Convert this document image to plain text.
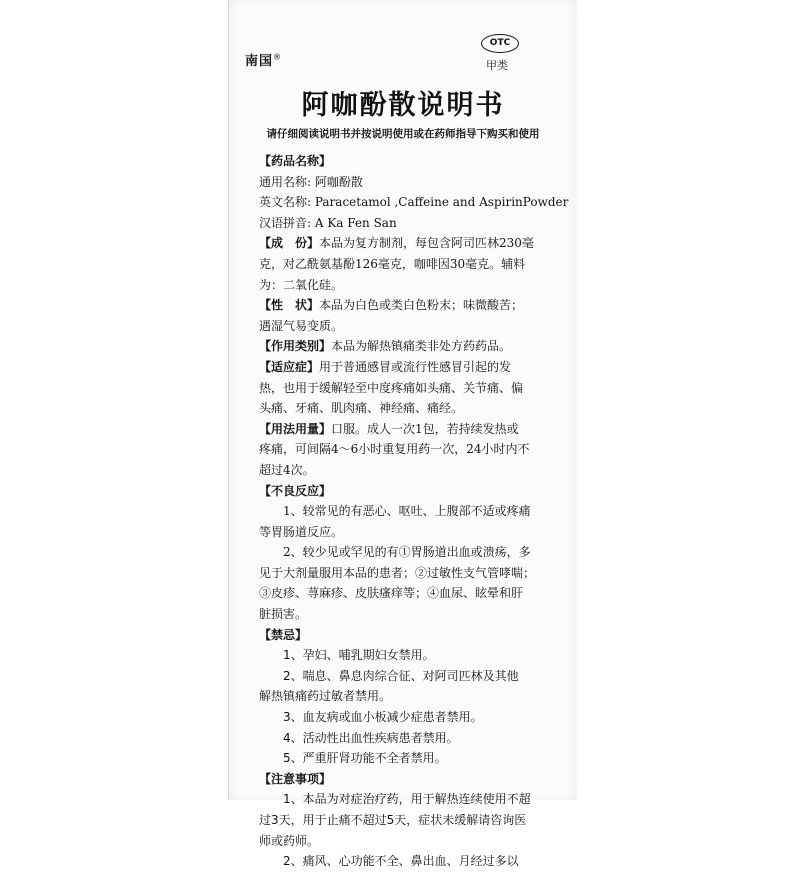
南国®
OTC
甲类
阿咖酚散说明书
请仔细阅读说明书并按说明使用或在药师指导下购买和使用
【药品名称】
通用名称: 阿咖酚散
英文名称: Paracetamol ,Caffeine and AspirinPowder
汉语拼音: A Ka Fen San
【成　份】本品为复方制剂，每包含阿司匹林230毫
克，对乙酰氨基酚126毫克，咖啡因30毫克。辅料
为：二氧化硅。
【性　状】本品为白色或类白色粉末；味微酸苦；
遇湿气易变质。
【作用类别】本品为解热镇痛类非处方药药品。
【适应症】用于普通感冒或流行性感冒引起的发
热，也用于缓解轻至中度疼痛如头痛、关节痛、偏
头痛、牙痛、肌肉痛、神经痛、痛经。
【用法用量】口服。成人一次1包，若持续发热或
疼痛，可间隔4～6小时重复用药一次，24小时内不
超过4次。
【不良反应】
1、较常见的有恶心、呕吐、上腹部不适或疼痛
等胃肠道反应。
2、较少见或罕见的有①胃肠道出血或溃疡，多
见于大剂量服用本品的患者；②过敏性支气管哮喘；
③皮疹、荨麻疹、皮肤瘙痒等；④血尿、眩晕和肝
脏损害。
【禁忌】
1、孕妇、哺乳期妇女禁用。
2、喘息、鼻息肉综合征、对阿司匹林及其他
解热镇痛药过敏者禁用。
3、血友病或血小板减少症患者禁用。
4、活动性出血性疾病患者禁用。
5、严重肝肾功能不全者禁用。
【注意事项】
1、本品为对症治疗药，用于解热连续使用不超
过3天，用于止痛不超过5天，症状未缓解请咨询医
师或药师。
2、痛风、心功能不全、鼻出血、月经过多以
